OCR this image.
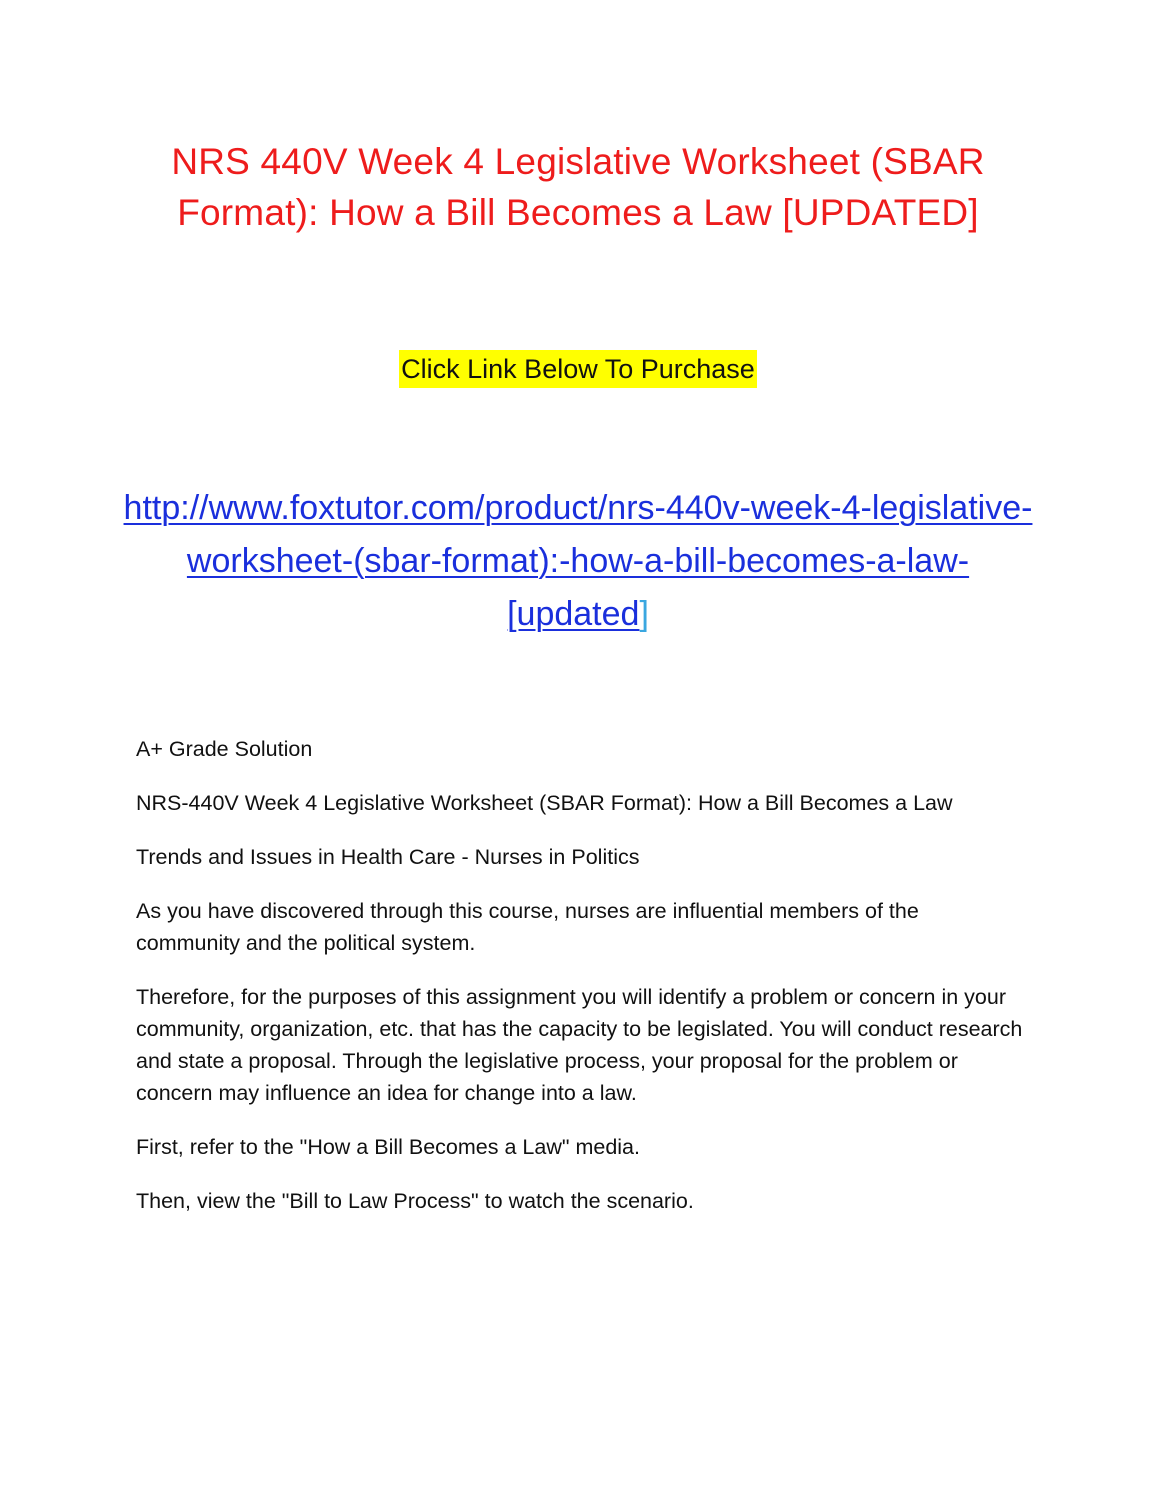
NRS 440V Week 4 Legislative Worksheet (SBAR Format): How a Bill Becomes a Law [UPDATED]
Click Link Below To Purchase
http://www.foxtutor.com/product/nrs-440v-week-4-legislative-worksheet-(sbar-format):-how-a-bill-becomes-a-law-[updated]

A+ Grade Solution

NRS-440V Week 4 Legislative Worksheet (SBAR Format): How a Bill Becomes a Law

Trends and Issues in Health Care - Nurses in Politics

As you have discovered through this course, nurses are influential members of the community and the political system.

Therefore, for the purposes of this assignment you will identify a problem or concern in your community, organization, etc. that has the capacity to be legislated. You will conduct research and state a proposal. Through the legislative process, your proposal for the problem or concern may influence an idea for change into a law.

First, refer to the "How a Bill Becomes a Law" media.

Then, view the "Bill to Law Process" to watch the scenario.
